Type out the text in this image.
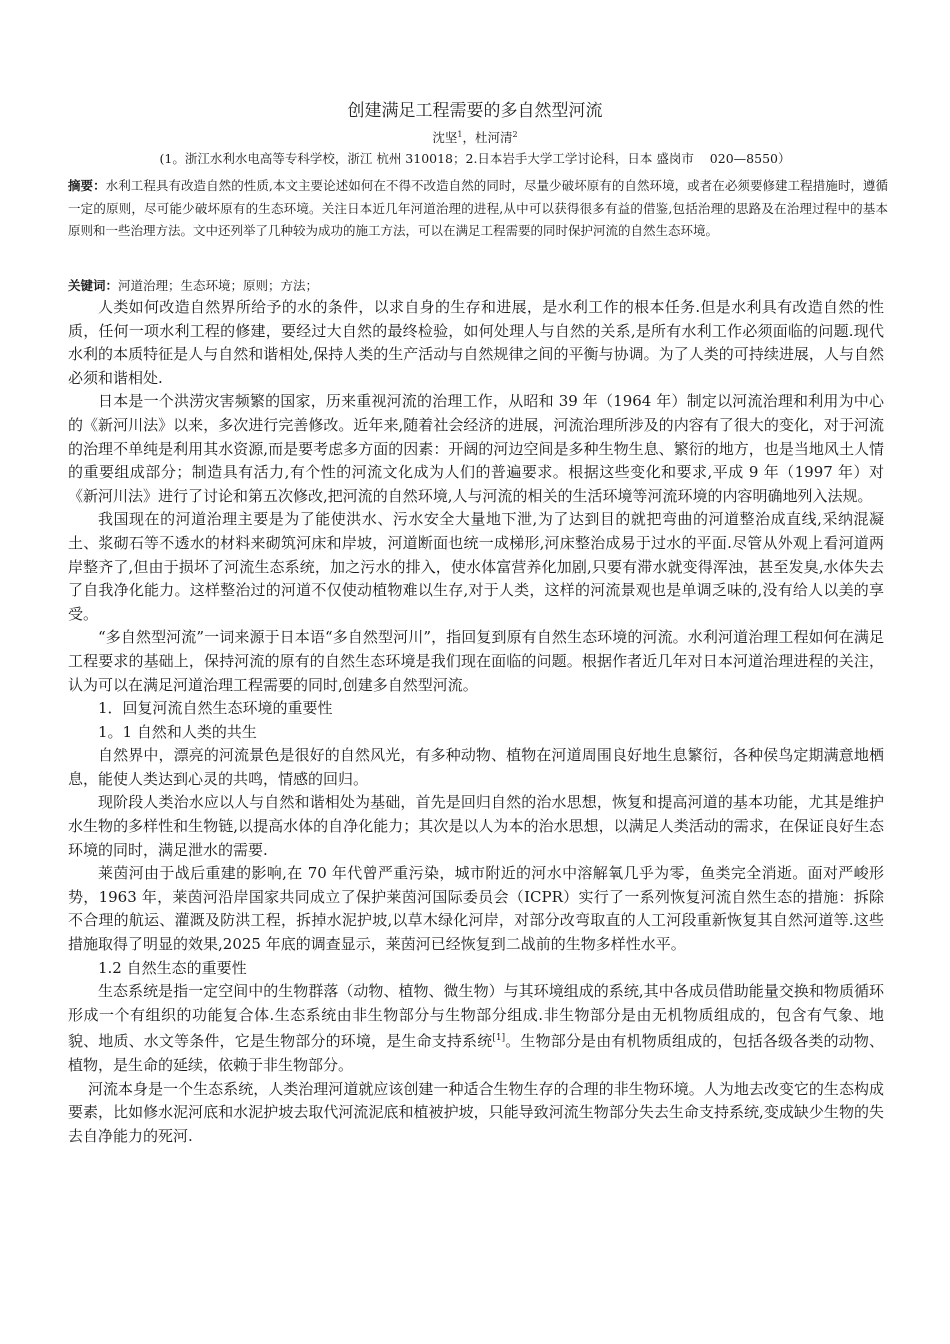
创建满足工程需要的多自然型河流
沈坚$^1$，杜河清$^2$
(1。浙江水利水电高等专科学校，浙江 杭州 310018；2.日本岩手大学工学讨论科，日本 盛岗市    020—8550）
摘要：水利工程具有改造自然的性质,本文主要论述如何在不得不改造自然的同时，尽量少破坏原有的自然环境，或者在必须要修建工程措施时，遵循一定的原则，尽可能少破坏原有的生态环境。关注日本近几年河道治理的进程,从中可以获得很多有益的借鉴,包括治理的思路及在治理过程中的基本原则和一些治理方法。文中还列举了几种较为成功的施工方法，可以在满足工程需要的同时保护河流的自然生态环境。
关键词：河道治理；生态环境；原则；方法；

人类如何改造自然界所给予的水的条件，以求自身的生存和进展，是水利工作的根本任务.但是水利具有改造自然的性质，任何一项水利工程的修建，要经过大自然的最终检验，如何处理人与自然的关系,是所有水利工作必须面临的问题.现代水利的本质特征是人与自然和谐相处,保持人类的生产活动与自然规律之间的平衡与协调。为了人类的可持续进展，人与自然必须和谐相处.

日本是一个洪涝灾害频繁的国家，历来重视河流的治理工作，从昭和 39 年（1964 年）制定以河流治理和利用为中心的《新河川法》以来，多次进行完善修改。近年来,随着社会经济的进展，河流治理所涉及的内容有了很大的变化，对于河流的治理不单纯是利用其水资源,而是要考虑多方面的因素：开阔的河边空间是多种生物生息、繁衍的地方，也是当地风土人情的重要组成部分；制造具有活力,有个性的河流文化成为人们的普遍要求。根据这些变化和要求,平成 9 年（1997 年）对《新河川法》进行了讨论和第五次修改,把河流的自然环境,人与河流的相关的生活环境等河流环境的内容明确地列入法规。

我国现在的河道治理主要是为了能使洪水、污水安全大量地下泄,为了达到目的就把弯曲的河道整治成直线,采纳混凝土、浆砌石等不透水的材料来砌筑河床和岸坡，河道断面也统一成梯形,河床整治成易于过水的平面.尽管从外观上看河道两岸整齐了,但由于损坏了河流生态系统，加之污水的排入，使水体富营养化加剧,只要有滞水就变得浑浊，甚至发臭,水体失去了自我净化能力。这样整治过的河道不仅使动植物难以生存,对于人类，这样的河流景观也是单调乏味的,没有给人以美的享受。

“多自然型河流”一词来源于日本语“多自然型河川”，指回复到原有自然生态环境的河流。水利河道治理工程如何在满足工程要求的基础上，保持河流的原有的自然生态环境是我们现在面临的问题。根据作者近几年对日本河道治理进程的关注，认为可以在满足河道治理工程需要的同时,创建多自然型河流。

1．回复河流自然生态环境的重要性

1。1 自然和人类的共生

自然界中，漂亮的河流景色是很好的自然风光，有多种动物、植物在河道周围良好地生息繁衍，各种侯鸟定期满意地栖息，能使人类达到心灵的共鸣，情感的回归。

现阶段人类治水应以人与自然和谐相处为基础，首先是回归自然的治水思想，恢复和提高河道的基本功能，尤其是维护水生物的多样性和生物链,以提高水体的自净化能力；其次是以人为本的治水思想，以满足人类活动的需求，在保证良好生态环境的同时，满足泄水的需要.

莱茵河由于战后重建的影响,在 70 年代曾严重污染，城市附近的河水中溶解氧几乎为零，鱼类完全消逝。面对严峻形势，1963 年，莱茵河沿岸国家共同成立了保护莱茵河国际委员会（ICPR）实行了一系列恢复河流自然生态的措施：拆除不合理的航运、灌溉及防洪工程，拆掉水泥护坡,以草木绿化河岸，对部分改弯取直的人工河段重新恢复其自然河道等.这些措施取得了明显的效果,2025 年底的调查显示，莱茵河已经恢复到二战前的生物多样性水平。

1.2 自然生态的重要性

生态系统是指一定空间中的生物群落（动物、植物、微生物）与其环境组成的系统,其中各成员借助能量交换和物质循环形成一个有组织的功能复合体.生态系统由非生物部分与生物部分组成.非生物部分是由无机物质组成的，包含有气象、地貌、地质、水文等条件，它是生物部分的环境，是生命支持系统[1]。生物部分是由有机物质组成的，包括各级各类的动物、植物，是生命的延续，依赖于非生物部分。

河流本身是一个生态系统，人类治理河道就应该创建一种适合生物生存的合理的非生物环境。人为地去改变它的生态构成要素，比如修水泥河底和水泥护坡去取代河流泥底和植被护坡，只能导致河流生物部分失去生命支持系统,变成缺少生物的失去自净能力的死河.
